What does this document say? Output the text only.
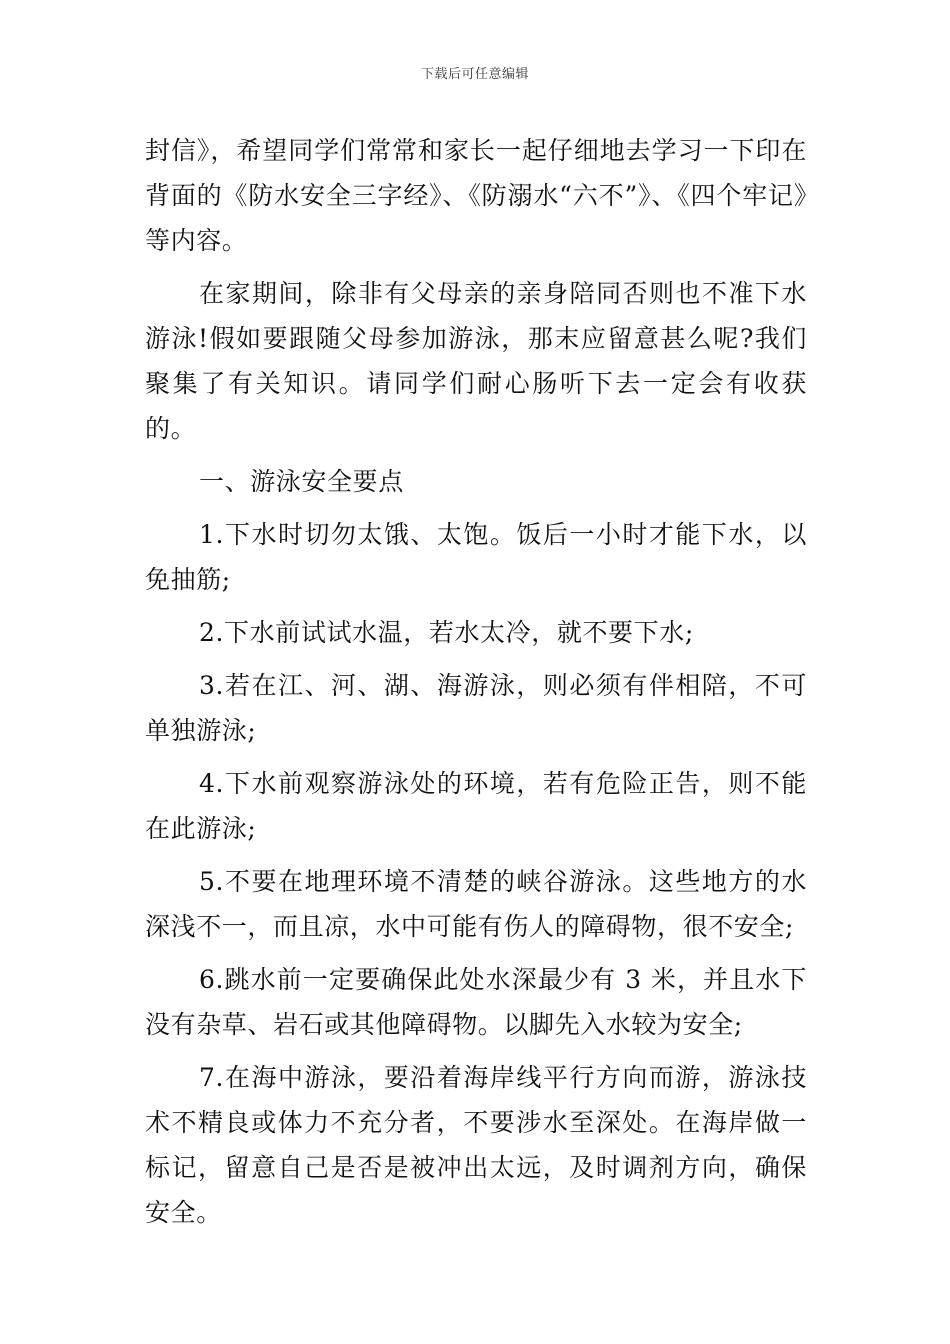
下载后可任意编辑

封信》，希望同学们常常和家长一起仔细地去学习一下印在背面的《防水安全三字经》、《防溺水“六不”》、《四个牢记》等内容。

在家期间，除非有父母亲的亲身陪同否则也不准下水游泳!假如要跟随父母参加游泳，那末应留意甚么呢?我们聚集了有关知识。请同学们耐心肠听下去一定会有收获的。

一、游泳安全要点

1.下水时切勿太饿、太饱。饭后一小时才能下水，以免抽筋;

2.下水前试试水温，若水太冷，就不要下水;

3.若在江、河、湖、海游泳，则必须有伴相陪，不可单独游泳;

4.下水前观察游泳处的环境，若有危险正告，则不能在此游泳;

5.不要在地理环境不清楚的峡谷游泳。这些地方的水深浅不一，而且凉，水中可能有伤人的障碍物，很不安全;

6.跳水前一定要确保此处水深最少有 3 米，并且水下没有杂草、岩石或其他障碍物。以脚先入水较为安全;

7.在海中游泳，要沿着海岸线平行方向而游，游泳技术不精良或体力不充分者，不要涉水至深处。在海岸做一标记，留意自己是否是被冲出太远，及时调剂方向，确保安全。
